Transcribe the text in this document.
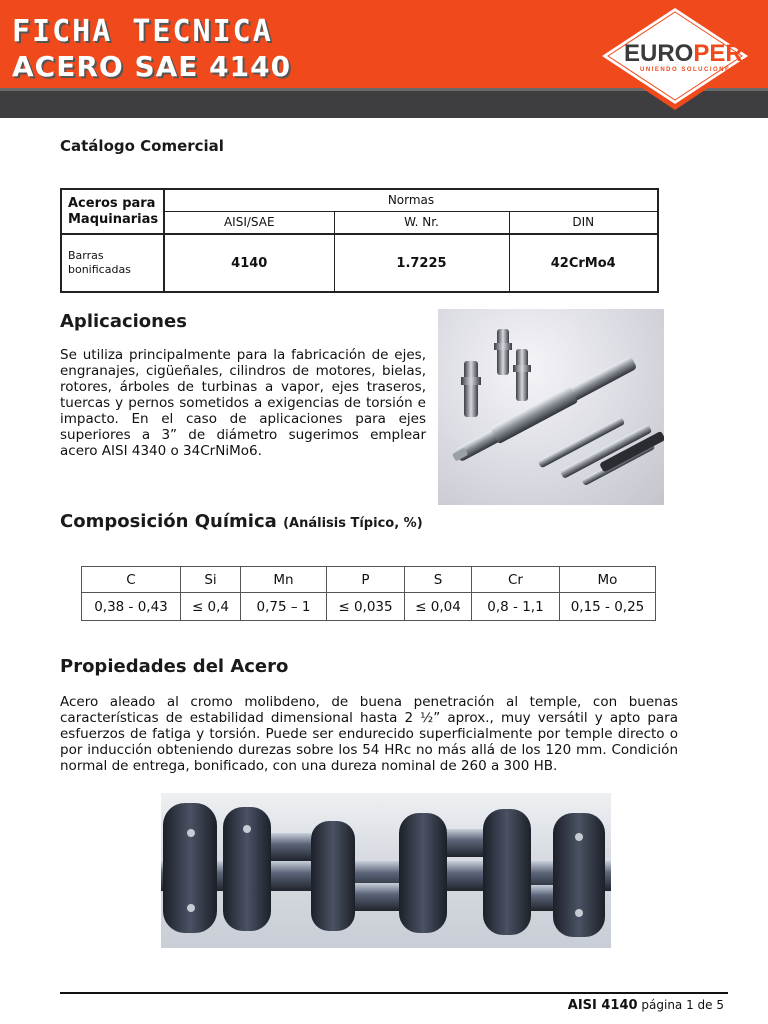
FICHA TECNICA
ACERO SAE 4140	EUROPER
UNIENDO SOLUCIONES
Catálogo Comercial
Aceros para
Maquinarias	Normas		
	AISI/SAE	W. Nr.	DIN

Barras
bonificadas	4140	1.7225	42CrMo4
Aplicaciones
Se utiliza principalmente para la fabricación de ejes,
engranajes, cigüeñales, cilindros de motores, bielas,
rotores, árboles de turbinas a vapor, ejes traseros,
tuercas y pernos sometidos a exigencias de torsión e
impacto. En el caso de aplicaciones para ejes
superiores a 3” de diámetro sugerimos emplear
acero AISI 4340 o 34CrNiMo6.
Composición Química (Análisis Típico, %)
C	Si	Mn	P	S	Cr	Mo
0,38 - 0,43	≤ 0,4	0,75 – 1	≤ 0,035	≤ 0,04	0,8 - 1,1	0,15 - 0,25
Propiedades del Acero
Acero aleado al cromo molibdeno, de buena penetración al temple, con buenas
características de estabilidad dimensional hasta 2 ½” aprox., muy versátil y apto para
esfuerzos de fatiga y torsión. Puede ser endurecido superficialmente por temple directo o
por inducción obteniendo durezas sobre los 54 HRc no más allá de los 120 mm. Condición
normal de entrega, bonificado, con una dureza nominal de 260 a 300 HB.
AISI 4140 página 1 de 5
